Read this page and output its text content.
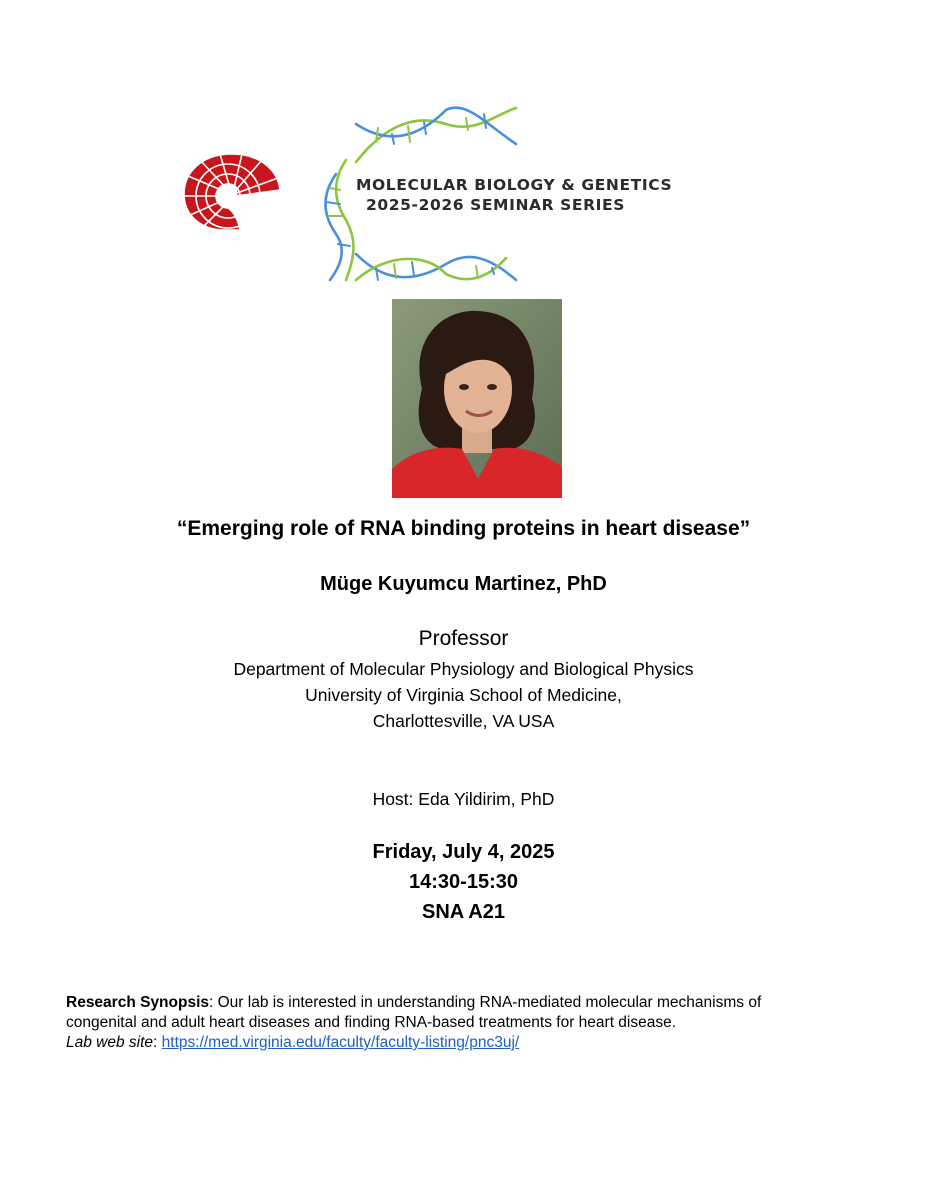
MOLECULAR BIOLOGY & GENETICS
2025-2026 SEMINAR SERIES
“Emerging role of RNA binding proteins in heart disease”
Müge Kuyumcu Martinez, PhD
Professor
Department of Molecular Physiology and Biological Physics
University of Virginia School of Medicine,
Charlottesville, VA USA
Host: Eda Yildirim, PhD
Friday, July 4, 2025
14:30-15:30
SNA A21
Research Synopsis: Our lab is interested in understanding RNA-mediated molecular mechanisms of
congenital and adult heart diseases and finding RNA-based treatments for heart disease.
Lab web site: https://med.virginia.edu/faculty/faculty-listing/pnc3uj/
